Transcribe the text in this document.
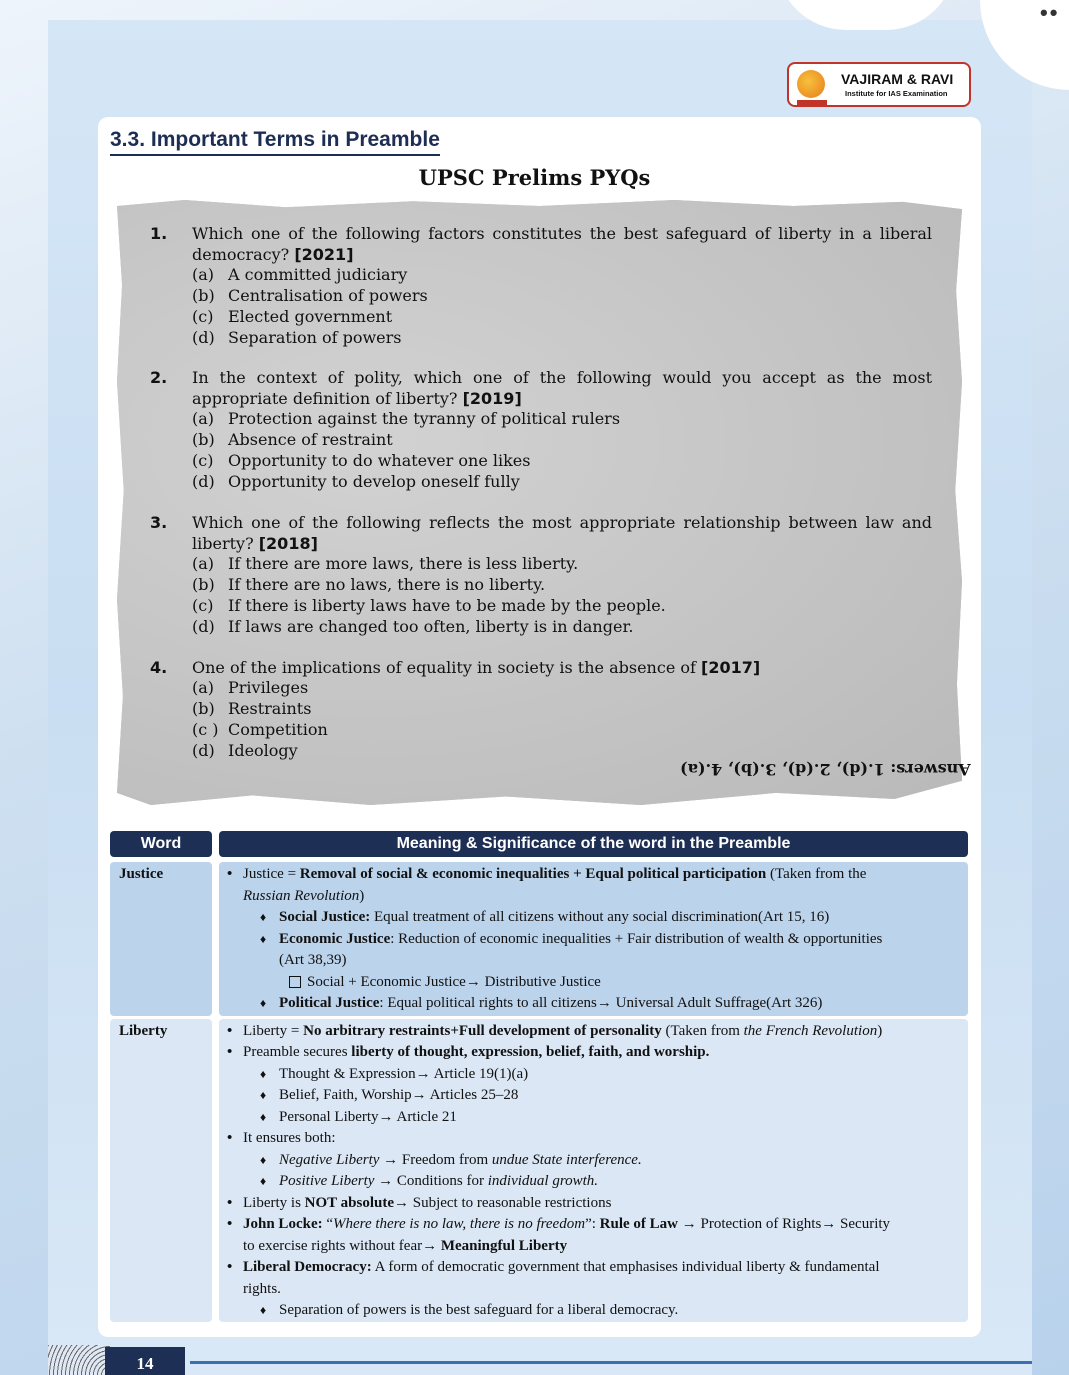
••
VAJIRAM & RAVI
Institute for IAS Examination
3.3. Important Terms in Preamble
UPSC Prelims PYQs
1. Which one of the following factors constitutes the best safeguard of liberty in a liberal democracy? [2021]
(a) A committed judiciary
(b) Centralisation of powers
(c) Elected government
(d) Separation of powers
2. In the context of polity, which one of the following would you accept as the most appropriate definition of liberty? [2019]
(a) Protection against the tyranny of political rulers
(b) Absence of restraint
(c) Opportunity to do whatever one likes
(d) Opportunity to develop oneself fully
3. Which one of the following reflects the most appropriate relationship between law and liberty? [2018]
(a) If there are more laws, there is less liberty.
(b) If there are no laws, there is no liberty.
(c) If there is liberty laws have to be made by the people.
(d) If laws are changed too often, liberty is in danger.
4. One of the implications of equality in society is the absence of [2017]
(a) Privileges
(b) Restraints
(c ) Competition
(d) Ideology
Answers: 1.(d), 2.(d), 3.(b), 4.(a)
Word	Meaning & Significance of the word in the Preamble
Justice	• Justice = Removal of social & economic inequalities + Equal political participation (Taken from the
Russian Revolution)
♦ Social Justice: Equal treatment of all citizens without any social discrimination(Art 15, 16)
♦ Economic Justice: Reduction of economic inequalities + Fair distribution of wealth & opportunities
(Art 38,39)
Social + Economic Justice→ Distributive Justice
♦ Political Justice: Equal political rights to all citizens→ Universal Adult Suffrage(Art 326)
Liberty	• Liberty = No arbitrary restraints+Full development of personality (Taken from the French Revolution)
• Preamble secures liberty of thought, expression, belief, faith, and worship.
♦ Thought & Expression→ Article 19(1)(a)
♦ Belief, Faith, Worship→ Articles 25–28
♦ Personal Liberty→ Article 21
• It ensures both:
♦ Negative Liberty → Freedom from undue State interference.
♦ Positive Liberty → Conditions for individual growth.
• Liberty is NOT absolute→ Subject to reasonable restrictions
• John Locke: “Where there is no law, there is no freedom”: Rule of Law → Protection of Rights→ Security
to exercise rights without fear→ Meaningful Liberty
• Liberal Democracy: A form of democratic government that emphasises individual liberty & fundamental
rights.
♦ Separation of powers is the best safeguard for a liberal democracy.
14
